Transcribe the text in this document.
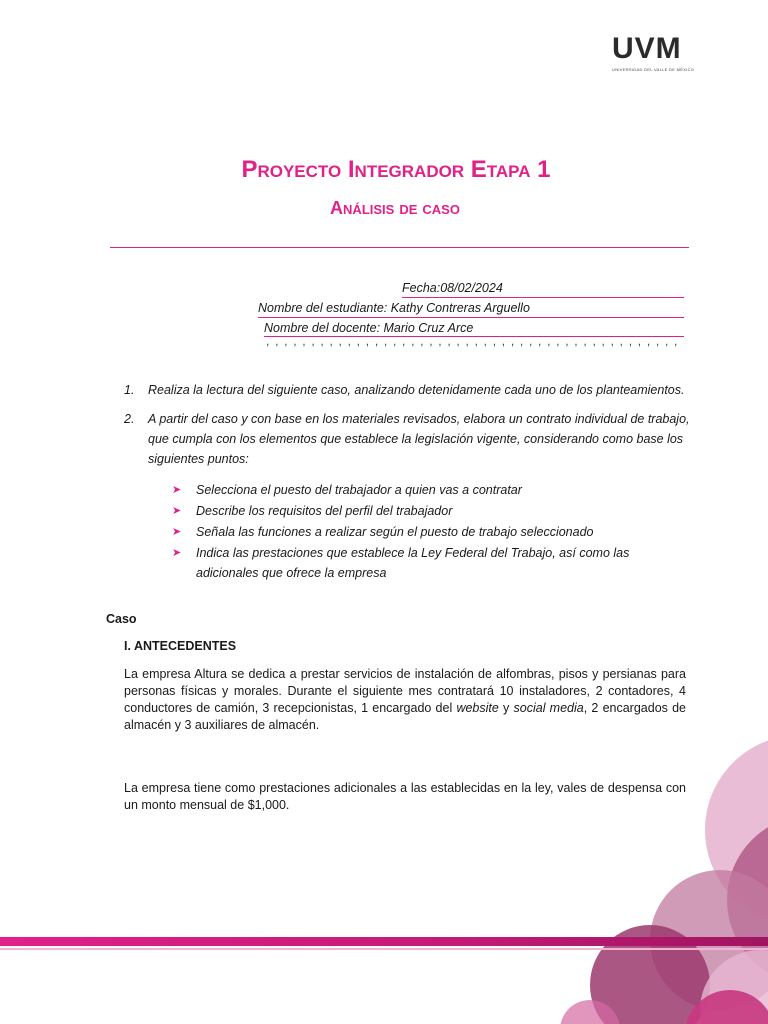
UVM
UNIVERSIDAD DEL VALLE DE MÉXICO
Proyecto Integrador Etapa 1
Análisis de caso
Fecha:08/02/2024
Nombre del estudiante: Kathy Contreras Arguello
Nombre del docente: Mario Cruz Arce
, , , , , , , , , , , , , , , , , , , , , , , , , , , , , , , , , , , , , , , , , , , , , ,
1.	Realiza la lectura del siguiente caso, analizando detenidamente cada uno de los planteamientos.
2.	A partir del caso y con base en los materiales revisados, elabora un contrato individual de trabajo, que cumpla con los elementos que establece la legislación vigente, considerando como base los siguientes puntos:
➤	Selecciona el puesto del trabajador a quien vas a contratar
➤	Describe los requisitos del perfil del trabajador
➤	Señala las funciones a realizar según el puesto de trabajo seleccionado
➤	Indica las prestaciones que establece la Ley Federal del Trabajo, así como las adicionales que ofrece la empresa
Caso
I. ANTECEDENTES
La empresa Altura se dedica a prestar servicios de instalación de alfombras, pisos y persianas para personas físicas y morales. Durante el siguiente mes contratará 10 instaladores, 2 contadores, 4 conductores de camión, 3 recepcionistas, 1 encargado del website y social media, 2 encargados de almacén y 3 auxiliares de almacén.
La empresa tiene como prestaciones adicionales a las establecidas en la ley, vales de despensa con un monto mensual de $1,000.
